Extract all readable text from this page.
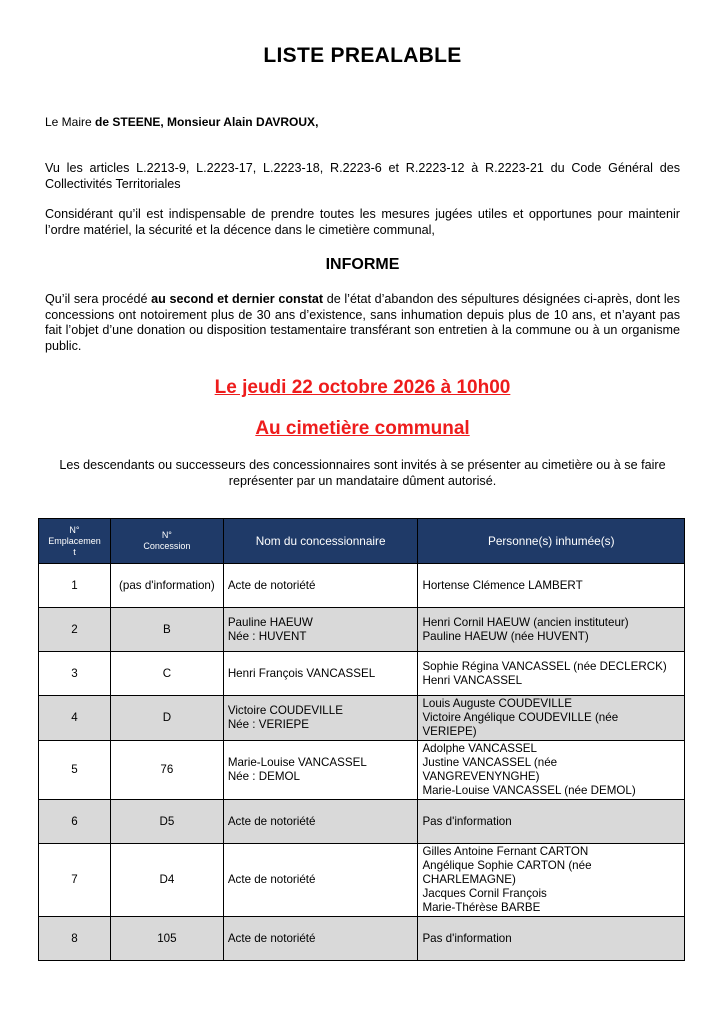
LISTE PREALABLE
Le Maire de STEENE, Monsieur Alain DAVROUX,
Vu les articles L.2213-9, L.2223-17, L.2223-18, R.2223-6 et R.2223-12 à R.2223-21 du Code Général des Collectivités Territoriales
Considérant qu’il est indispensable de prendre toutes les mesures jugées utiles et opportunes pour maintenir l’ordre matériel, la sécurité et la décence dans le cimetière communal,
INFORME
Qu’il sera procédé au second et dernier constat de l’état d’abandon des sépultures désignées ci-après, dont les concessions ont notoirement plus de 30 ans d’existence, sans inhumation depuis plus de 10 ans, et n’ayant pas fait l’objet d’une donation ou disposition testamentaire transférant son entretien à la commune ou à un organisme public.
Le jeudi 22 octobre 2026 à 10h00
Au cimetière communal
Les descendants ou successeurs des concessionnaires sont invités à se présenter au cimetière ou à se faire représenter par un mandataire dûment autorisé.
N°
Emplacemen
t	N°
Concession	Nom du concessionnaire	Personne(s) inhumée(s)
1	(pas d'information)	Acte de notoriété	Hortense Clémence LAMBERT

2	B	Pauline HAEUW
Née : HUVENT	Henri Cornil HAEUW (ancien instituteur)
Pauline HAEUW (née HUVENT)

3	C	Henri François VANCASSEL	Sophie Régina VANCASSEL (née DECLERCK)
Henri VANCASSEL

4	D	Victoire COUDEVILLE
Née : VERIEPE	Louis Auguste COUDEVILLE
Victoire Angélique COUDEVILLE (née
VERIEPE)

5	76	Marie-Louise VANCASSEL
Née : DEMOL	Adolphe VANCASSEL
Justine VANCASSEL (née
VANGREVENYNGHE)
Marie-Louise VANCASSEL (née DEMOL)

6	D5	Acte de notoriété	Pas d'information

7	D4	Acte de notoriété	Gilles Antoine Fernant CARTON
Angélique Sophie CARTON (née
CHARLEMAGNE)
Jacques Cornil François
Marie-Thérèse BARBE

8	105	Acte de notoriété	Pas d'information
